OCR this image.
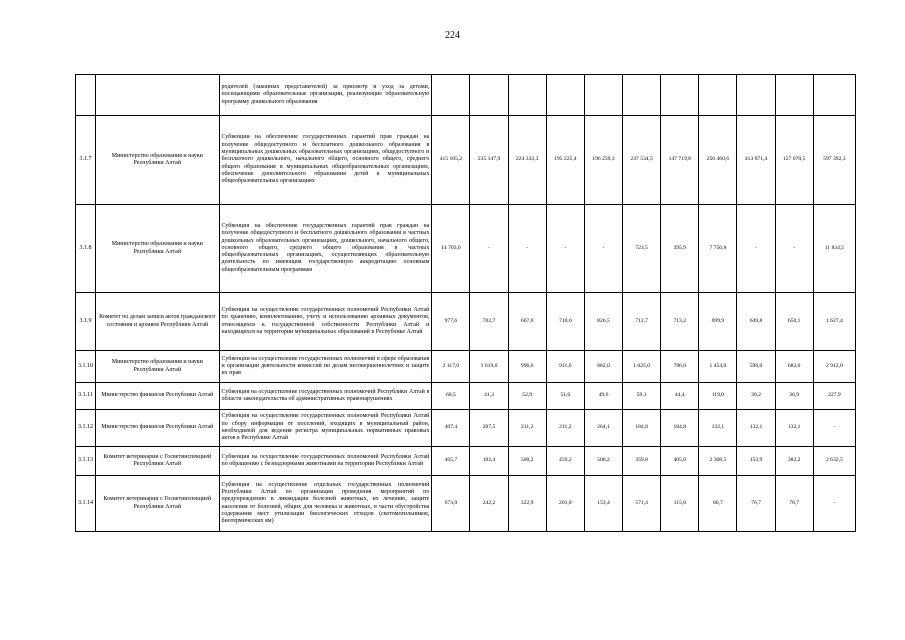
224
		родителей (законных представителей) за присмотр и уход за детьми, посещающими образовательные организации, реализующие образовательную программу дошкольного образования											
3.1.7	Министерство образования и науки Республики Алтай	Субвенции на обеспечение государственных гарантий прав граждан на получение общедоступного и бесплатного дошкольного образования в муниципальных дошкольных образовательных организациях, общедоступного и бесплатного дошкольного, начального общего, основного общего, среднего общего образования в муниципальных общеобразовательных организациях, обеспечение дополнительного образования детей в муниципальных общеобразовательных организациях	415 105,2	235 147,9	224 333,3	195 225,4	196 259,3	237 534,5	147 719,8	256 460,6	413 071,4	127 070,5	597 392,3
3.1.8	Министерство образования и науки Республики Алтай	Субвенция на обеспечение государственных гарантий прав граждан на получение общедоступного и бесплатного дошкольного образования в частных дошкольных образовательных организациях, дошкольного, начального общего, основного общего, среднего общего образования в частных общеобразовательных организациях, осуществляющих образовательную деятельность по имеющим государственную аккредитацию основным общеобразовательным программам	14 703,6	-	-	-	-	723,5	395,9	7 756,8	-	-	11 834,5
3.1.9	Комитет по делам записи актов гражданского состояния и архивов Республики Алтай	Субвенция на осуществление государственных полномочий Республики Алтай по хранению, комплектованию, учету и использованию архивных документов, относящихся к государственной собственности Республики Алтай и находящихся на территории муниципальных образований в Республике Алтай	977,6	702,7	667,9	710,0	826,5	712,7	713,2	699,9	649,8	650,1	1 627,4
3.1.10	Министерство образования и науки Республики Алтай	Субвенции на осуществление государственных полномочий в сфере образования и организации деятельности комиссий по делам несовершеннолетних и защите их прав	2 117,0	1 619,0	996,0	911,0	882,0	1 025,0	796,0	1 454,0	596,0	682,0	2 912,0
3.1.11	Министерство финансов Республики Алтай	Субвенция на осуществление государственных полномочий Республики Алтай в области законодательства об административных правонарушениях	68,5	41,3	52,9	51,6	49,6	59,1	44,4	119,0	30,2	36,9	227,9
3.1.12	Министерство финансов Республики Алтай	Субвенция на осуществление государственных полномочий Республики Алтай по сбору информации от поселений, входящих в муниципальный район, необходимой для ведения регистра муниципальных нормативных правовых актов в Республике Алтай	407,4	207,5	211,2	211,2	264,1	184,8	184,8	132,1	132,1	132,1	-
3.1.13	Комитет ветеринарии с Госветинспекцией Республики Алтай	Субвенция на осуществление государственных полномочий Республики Алтай по обращению с безнадзорными животными на территории Республики Алтай	465,7	192,4	500,2	459,2	506,2	359,8	405,0	2 308,5	153,9	382,2	2 632,5
3.1.14	Комитет ветеринарии с Госветинспекцией Республики Алтай	Субвенция на осуществление отдельных государственных полномочий Республики Алтай по организации проведения мероприятий по предупреждению и ликвидации болезней животных, их лечению, защите населения от болезней, общих для человека и животных, в части обустройства содержания мест утилизации биологических отходов (скотомогильников, биотермических ям)	673,9	242,2	322,9	201,8	153,4	571,4	115,0	80,7	76,7	76,7	-
